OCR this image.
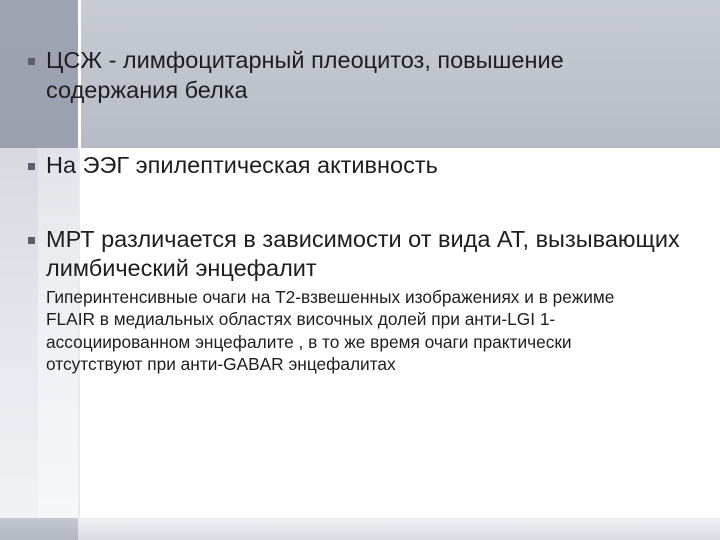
ЦСЖ - лимфоцитарный плеоцитоз, повышение содержания белка
На ЭЭГ эпилептическая активность
МРТ различается в зависимости от вида АТ, вызывающих лимбический энцефалит
Гиперинтенсивные очаги на Т2-взвешенных изображениях и в режиме FLAIR в медиальных областях височных долей при анти-LGI 1-ассоциированном энцефалите , в то же время очаги практически отсутствуют при анти-GABAR энцефалитах
